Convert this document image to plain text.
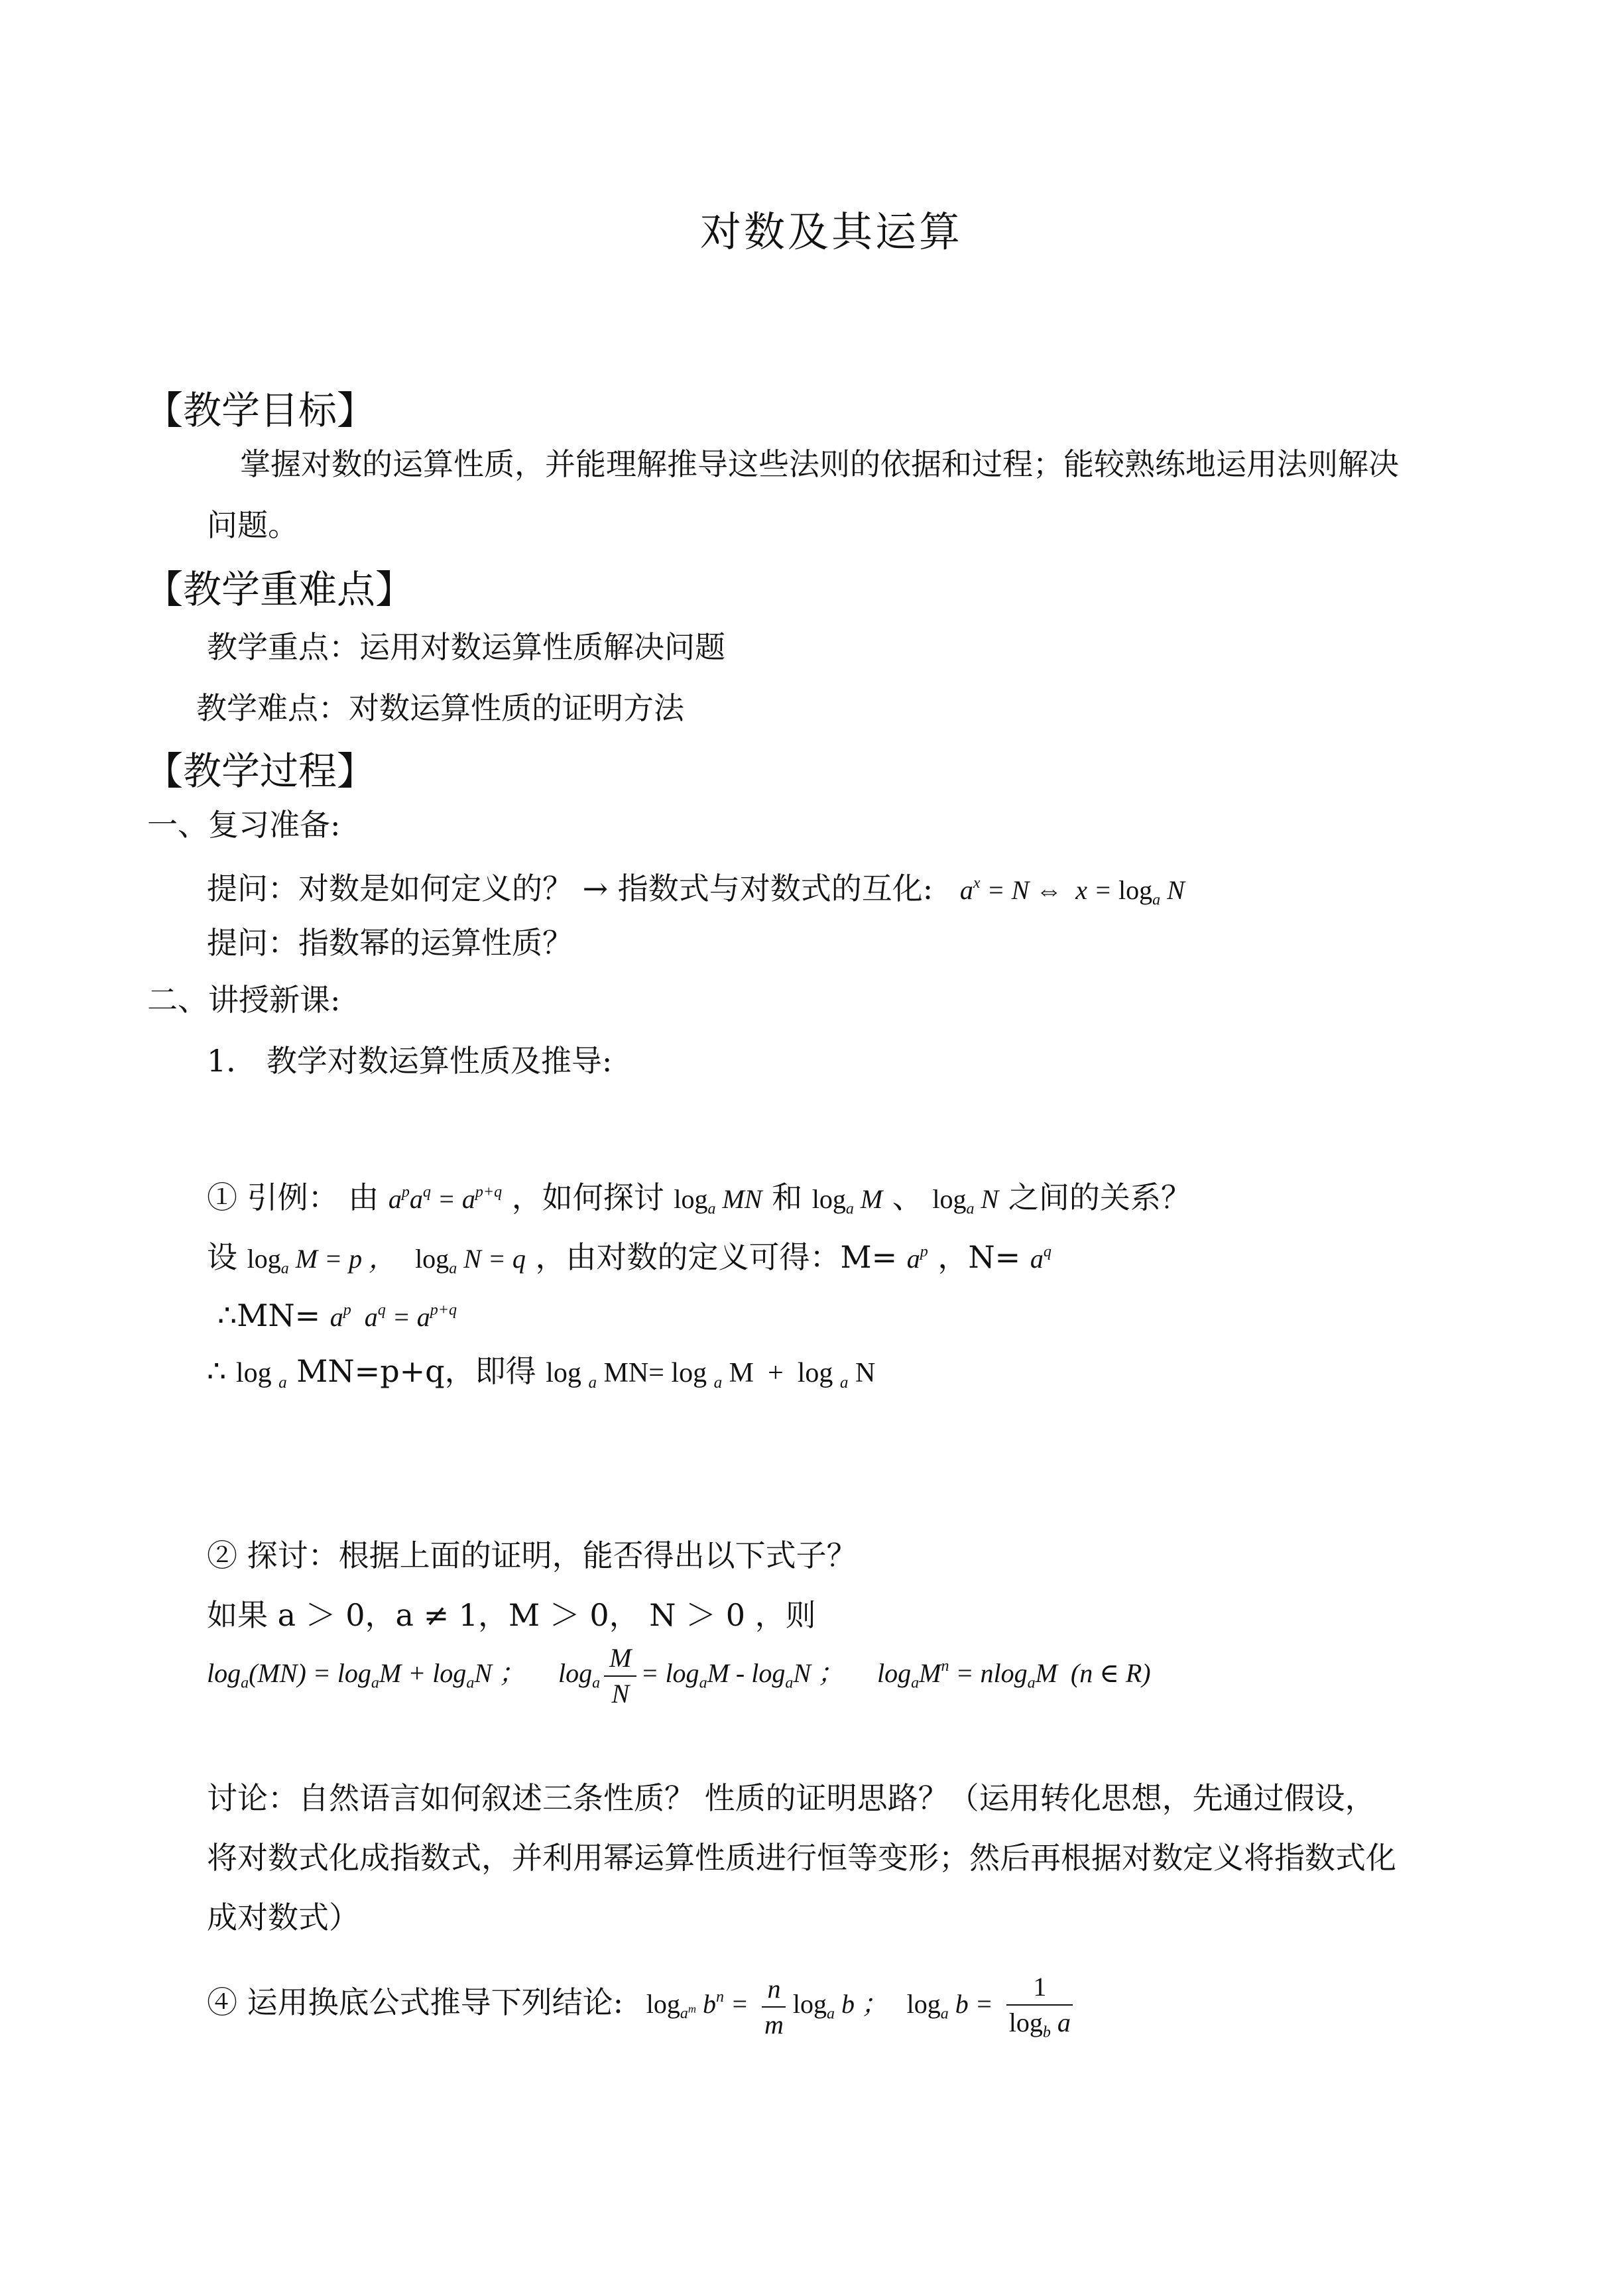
对数及其运算
【教学目标】
掌握对数的运算性质，并能理解推导这些法则的依据和过程；能较熟练地运用法则解决
问题。
【教学重难点】
教学重点：运用对数运算性质解决问题
教学难点：对数运算性质的证明方法
【教学过程】
一、复习准备:
提问：对数是如何定义的？ → 指数式与对数式的互化: $a^x = N$ ⇔  $x = \log_a N$
提问：指数幂的运算性质？
二、讲授新课:
1． 教学对数运算性质及推导:
① 引例： 由 $a^pa^q = a^{p+q}$ ，如何探讨 $\log_a$ MN 和 $\log_a M$ 、 $\log_a N$ 之间的关系？
设 $\log_a M = p$ ，   $\log_a N = q$ ，由对数的定义可得：$M= a^p$ ，$N= a^q$
∴MN= $a^p$  $a^q = a^{p+q}$
∴ log $_a$ MN=p+q，即得 log $_a$ MN= log $_a$ M  +  log $_a$ N
② 探讨：根据上面的证明，能否得出以下式子？
如果 a ＞ 0，a ≠ 1，M ＞ 0， N ＞ 0 ，则
$\log_a(MN) = \log_aM + \log_aN$ ； $\log_a \frac{M}{N} = \log_aM - \log_aN$ ； $\log_aM^n = nlog_aM$  (n ∈ R)
讨论：自然语言如何叙述三条性质？ 性质的证明思路？（运用转化思想，先通过假设，
将对数式化成指数式，并利用幂运算性质进行恒等变形；然后再根据对数定义将指数式化
成对数式）
④ 运用换底公式推导下列结论: $\log_{a^m} b^n = \frac{n}{m} \log_a b$ ； $\log_a b = \frac{1}{\log_b a}$
